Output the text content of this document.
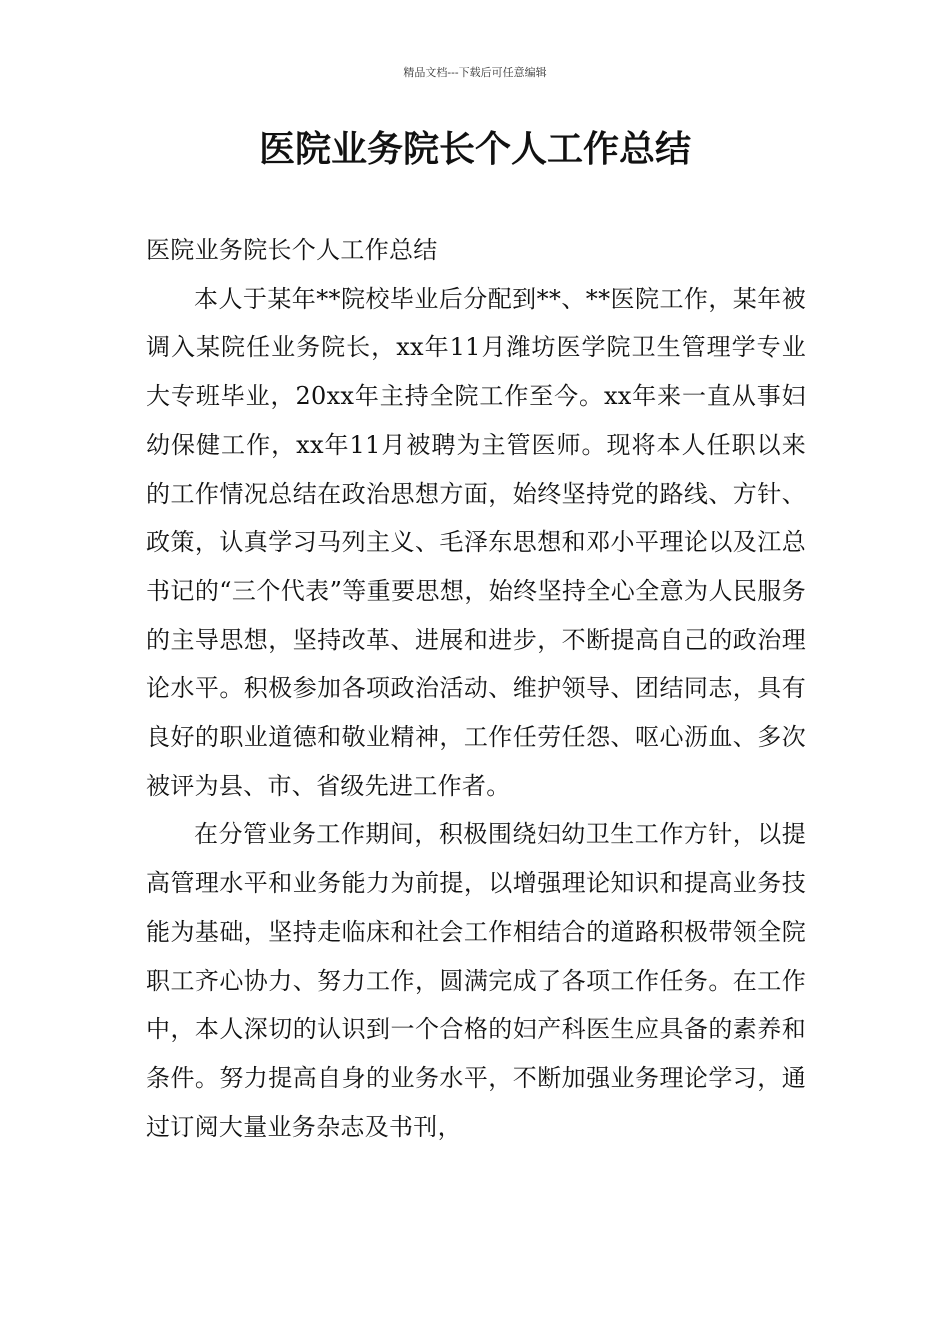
精品文档---下载后可任意编辑
医院业务院长个人工作总结

医院业务院长个人工作总结

本人于某年**院校毕业后分配到**、**医院工作，某年被调入某院任业务院长，xx年11月潍坊医学院卫生管理学专业大专班毕业，20xx年主持全院工作至今。xx年来一直从事妇幼保健工作，xx年11月被聘为主管医师。现将本人任职以来的工作情况总结在政治思想方面，始终坚持党的路线、方针、政策，认真学习马列主义、毛泽东思想和邓小平理论以及江总书记的“三个代表”等重要思想，始终坚持全心全意为人民服务的主导思想，坚持改革、进展和进步，不断提高自己的政治理论水平。积极参加各项政治活动、维护领导、团结同志，具有良好的职业道德和敬业精神，工作任劳任怨、呕心沥血、多次被评为县、市、省级先进工作者。

在分管业务工作期间，积极围绕妇幼卫生工作方针，以提高管理水平和业务能力为前提，以增强理论知识和提高业务技能为基础，坚持走临床和社会工作相结合的道路积极带领全院职工齐心协力、努力工作，圆满完成了各项工作任务。在工作中，本人深切的认识到一个合格的妇产科医生应具备的素养和条件。努力提高自身的业务水平，不断加强业务理论学习，通过订阅大量业务杂志及书刊，
